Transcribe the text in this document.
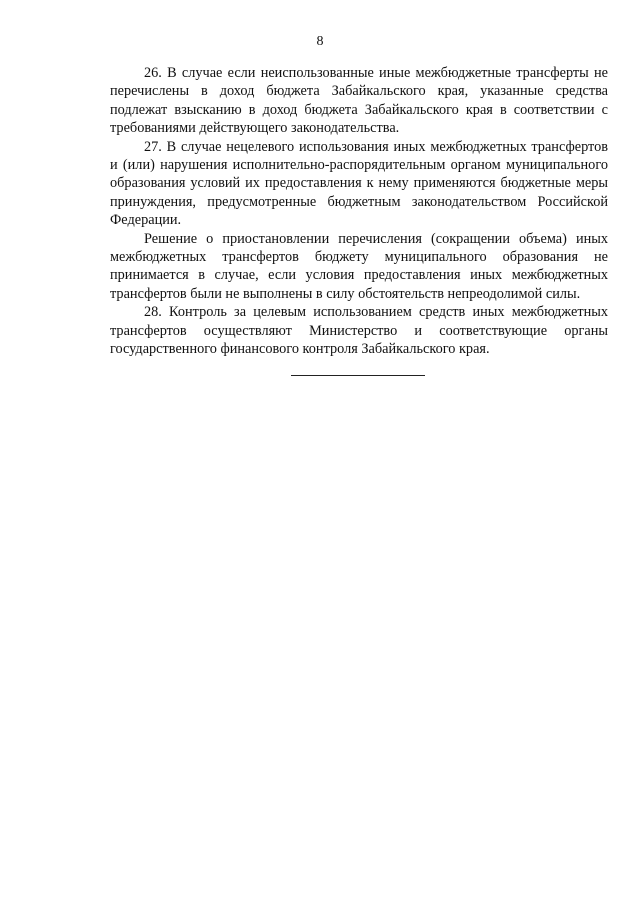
8

26. В случае если неиспользованные иные межбюджетные трансферты не перечислены в доход бюджета Забайкальского края, указанные средства подлежат взысканию в доход бюджета Забайкальского края в соответствии с требованиями действующего законодательства.

27. В случае нецелевого использования иных межбюджетных трансфертов и (или) нарушения исполнительно-распорядительным органом муниципального образования условий их предоставления к нему применяются бюджетные меры принуждения, предусмотренные бюджетным законодательством Российской Федерации.

Решение о приостановлении перечисления (сокращении объема) иных межбюджетных трансфертов бюджету муниципального образования не принимается в случае, если условия предоставления иных межбюджетных трансфертов были не выполнены в силу обстоятельств непреодолимой силы.

28. Контроль за целевым использованием средств иных межбюджетных трансфертов осуществляют Министерство и соответствующие органы государственного финансового контроля Забайкальского края.
